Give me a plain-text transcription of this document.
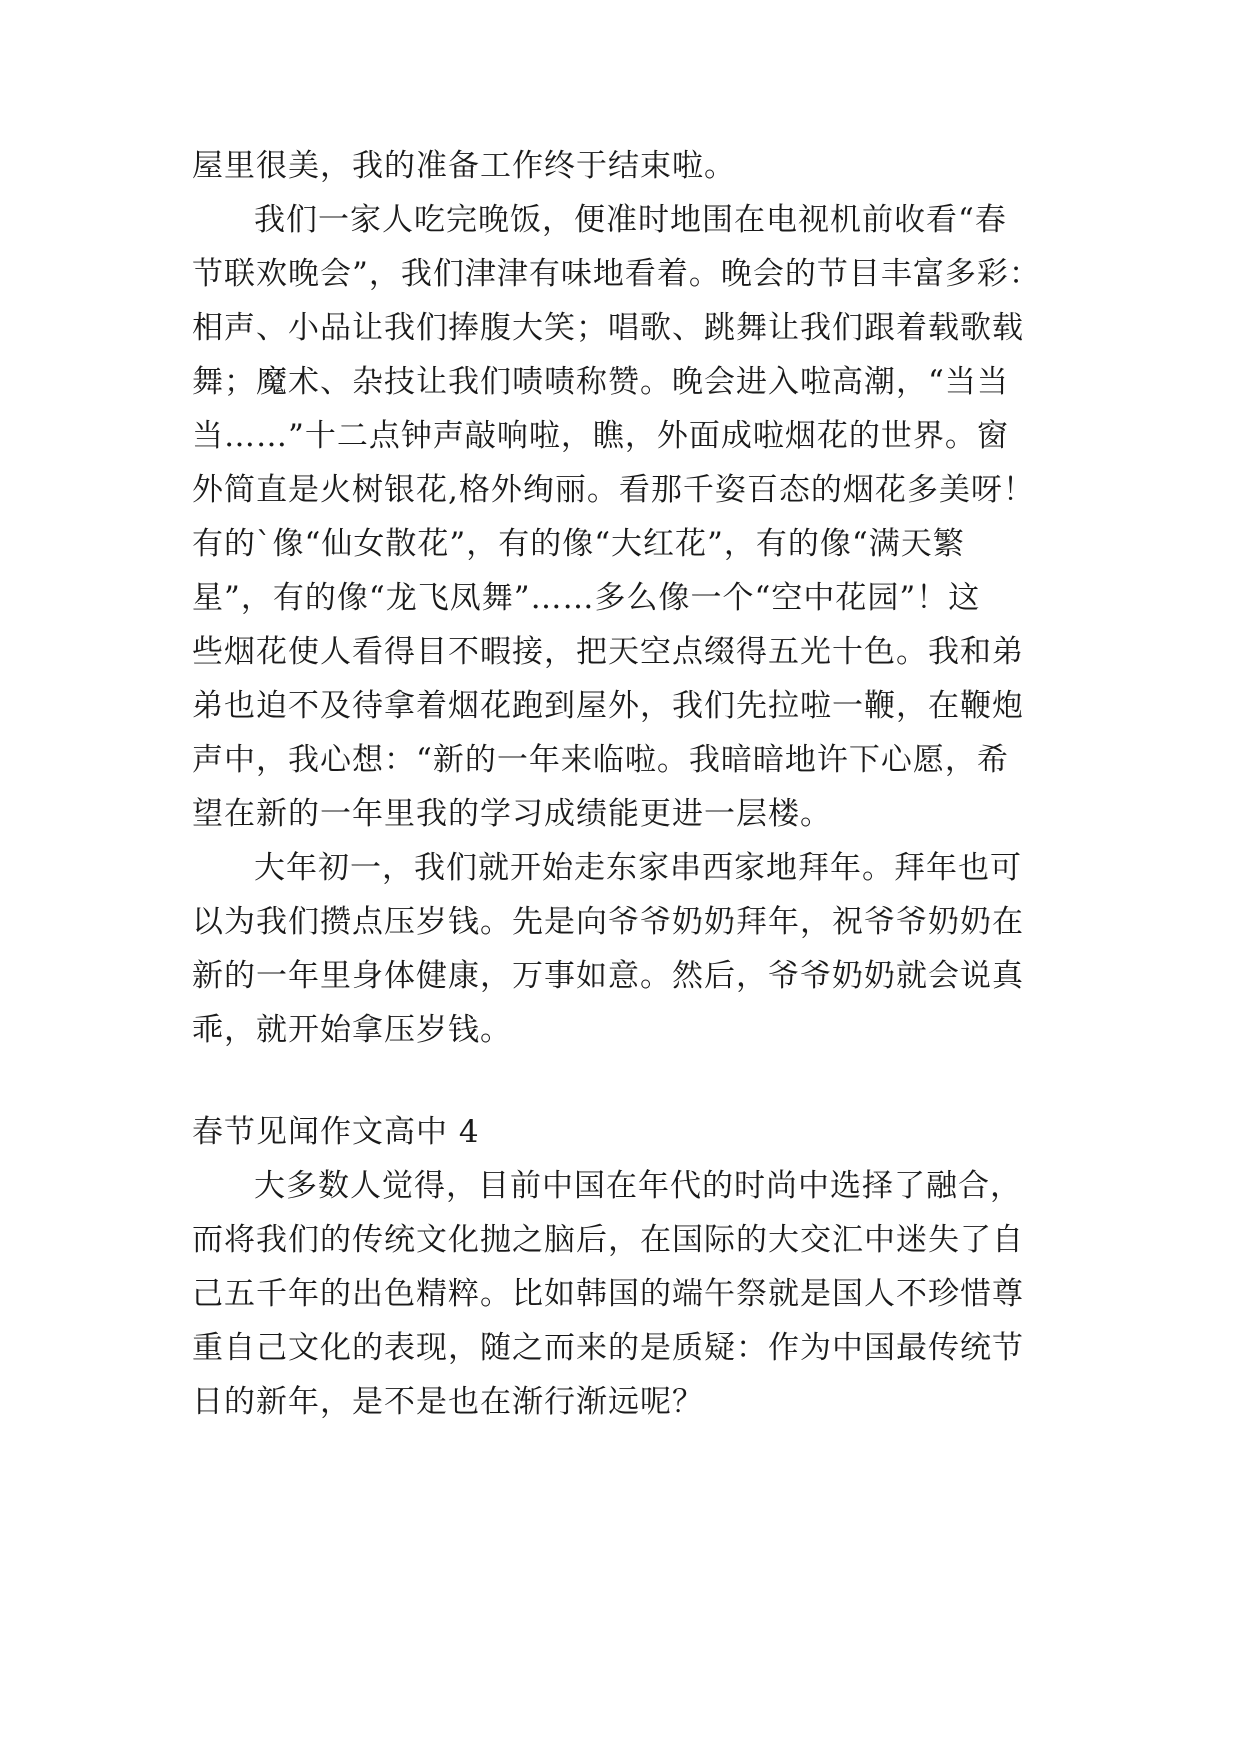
屋里很美，我的准备工作终于结束啦。
我们一家人吃完晚饭，便准时地围在电视机前收看“春
节联欢晚会”，我们津津有味地看着。晚会的节目丰富多彩：
相声、小品让我们捧腹大笑；唱歌、跳舞让我们跟着载歌载
舞；魔术、杂技让我们啧啧称赞。晚会进入啦高潮，“当当
当……”十二点钟声敲响啦，瞧，外面成啦烟花的世界。窗
外简直是火树银花,格外绚丽。看那千姿百态的烟花多美呀！
有的`像“仙女散花”，有的像“大红花”，有的像“满天繁
星”，有的像“龙飞凤舞”……多么像一个“空中花园”！这
些烟花使人看得目不暇接，把天空点缀得五光十色。我和弟
弟也迫不及待拿着烟花跑到屋外，我们先拉啦一鞭，在鞭炮
声中，我心想：“新的一年来临啦。我暗暗地许下心愿，希
望在新的一年里我的学习成绩能更进一层楼。
大年初一，我们就开始走东家串西家地拜年。拜年也可
以为我们攒点压岁钱。先是向爷爷奶奶拜年，祝爷爷奶奶在
新的一年里身体健康，万事如意。然后，爷爷奶奶就会说真
乖，就开始拿压岁钱。
春节见闻作文高中 4
大多数人觉得，目前中国在年代的时尚中选择了融合，
而将我们的传统文化抛之脑后，在国际的大交汇中迷失了自
己五千年的出色精粹。比如韩国的端午祭就是国人不珍惜尊
重自己文化的表现，随之而来的是质疑：作为中国最传统节
日的新年，是不是也在渐行渐远呢？
